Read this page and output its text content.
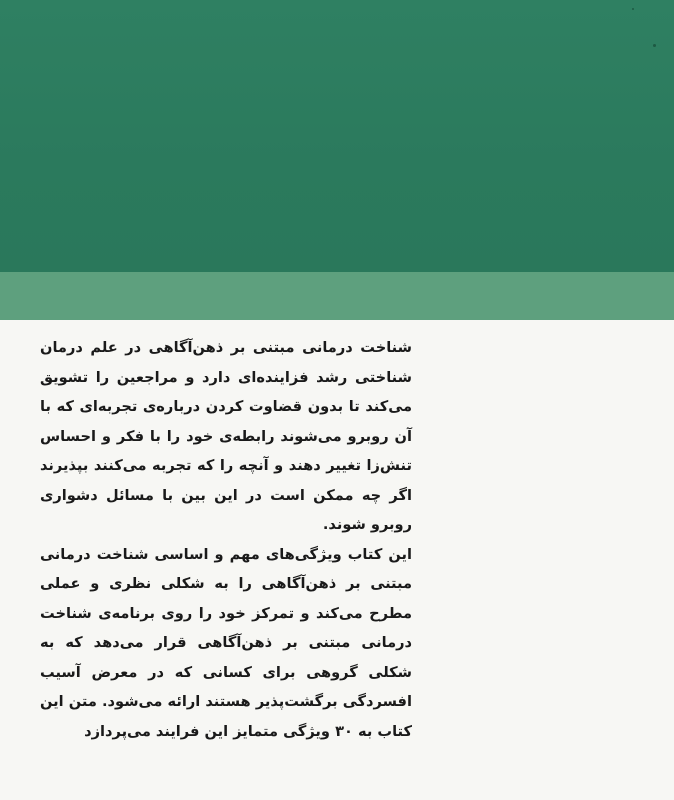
شناخت درمانی مبتنی بر ذهن‌آگاهی در علم درمان شناختی رشد فزاینده‌ای دارد و مراجعین را تشویق می‌کند تا بدون قضاوت کردن درباره‌ی تجربه‌ای که با آن روبرو می‌شوند رابطه‌ی خود را با فکر و احساس تنش‌زا تغییر دهند و آنچه را که تجربه می‌کنند بپذیرند اگر چه ممکن است در این بین با مسائل دشواری روبرو شوند.

این کتاب ویژگی‌های مهم و اساسی شناخت درمانی مبتنی بر ذهن‌آگاهی را به شکلی نظری و عملی مطرح می‌کند و تمرکز خود را روی برنامه‌ی شناخت درمانی مبتنی بر ذهن‌آگاهی قرار می‌دهد که به شکلی گروهی برای کسانی که در معرض آسیب افسردگی برگشت‌پذیر هستند ارائه می‌شود. متن این کتاب به ۳۰ ویژگی متمایز این فرایند می‌پردازد
